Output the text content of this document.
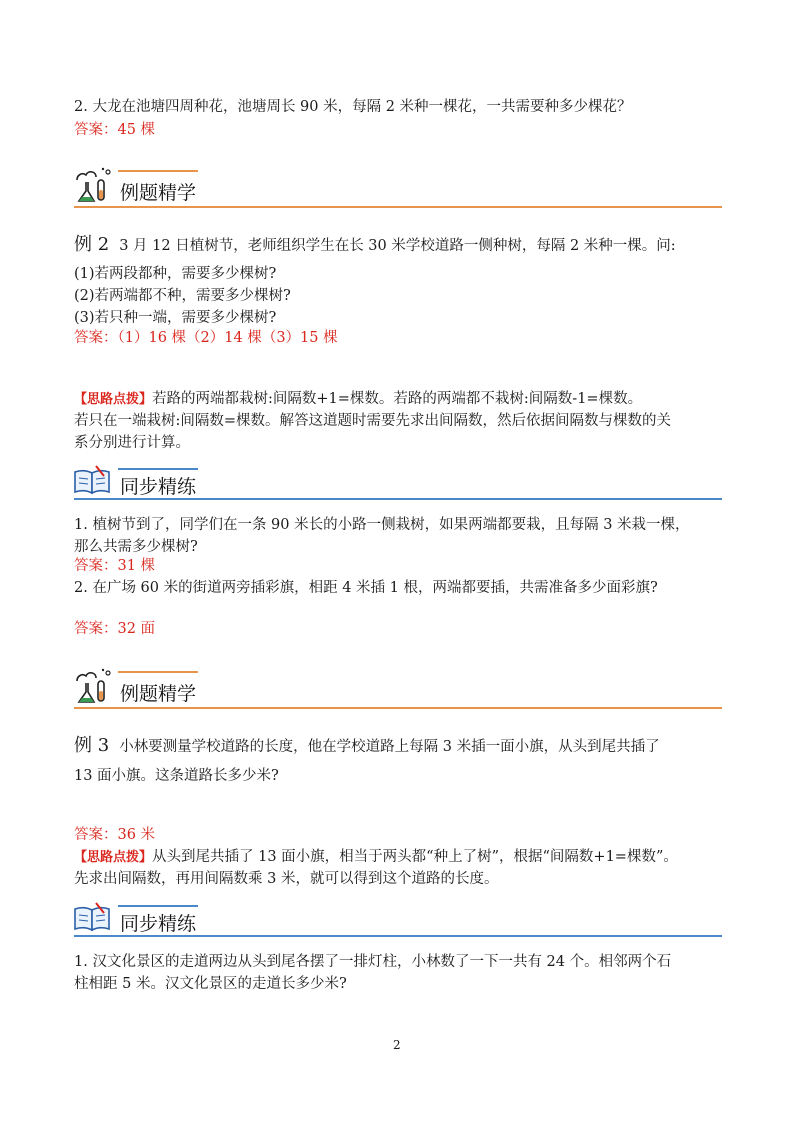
2. 大龙在池塘四周种花，池塘周长 90 米，每隔 2 米种一棵花，一共需要种多少棵花？
答案：45 棵
例题精学
例 2 3 月 12 日植树节，老师组织学生在长 30 米学校道路一侧种树，每隔 2 米种一棵。问:
(1)若两段都种，需要多少棵树?
(2)若两端都不种，需要多少棵树?
(3)若只种一端，需要多少棵树?
答案：（1）16 棵（2）14 棵（3）15 棵
【思路点拨】若路的两端都栽树:间隔数+1=棵数。若路的两端都不栽树:间隔数-1=棵数。
若只在一端栽树:间隔数=棵数。解答这道题时需要先求出间隔数，然后依据间隔数与棵数的关
系分别进行计算。
同步精练
1. 植树节到了，同学们在一条 90 米长的小路一侧栽树，如果两端都要栽，且每隔 3 米栽一棵，
那么共需多少棵树?
答案：31 棵
2. 在广场 60 米的街道两旁插彩旗，相距 4 米插 1 根，两端都要插，共需准备多少面彩旗?
答案：32 面
例题精学
例 3 小林要测量学校道路的长度，他在学校道路上每隔 3 米插一面小旗，从头到尾共插了
13 面小旗。这条道路长多少米?
答案：36 米
【思路点拨】从头到尾共插了 13 面小旗，相当于两头都“种上了树”，根据“间隔数+1=棵数”。
先求出间隔数，再用间隔数乘 3 米，就可以得到这个道路的长度。
同步精练
1. 汉文化景区的走道两边从头到尾各摆了一排灯柱，小林数了一下一共有 24 个。相邻两个石
柱相距 5 米。汉文化景区的走道长多少米?
2
